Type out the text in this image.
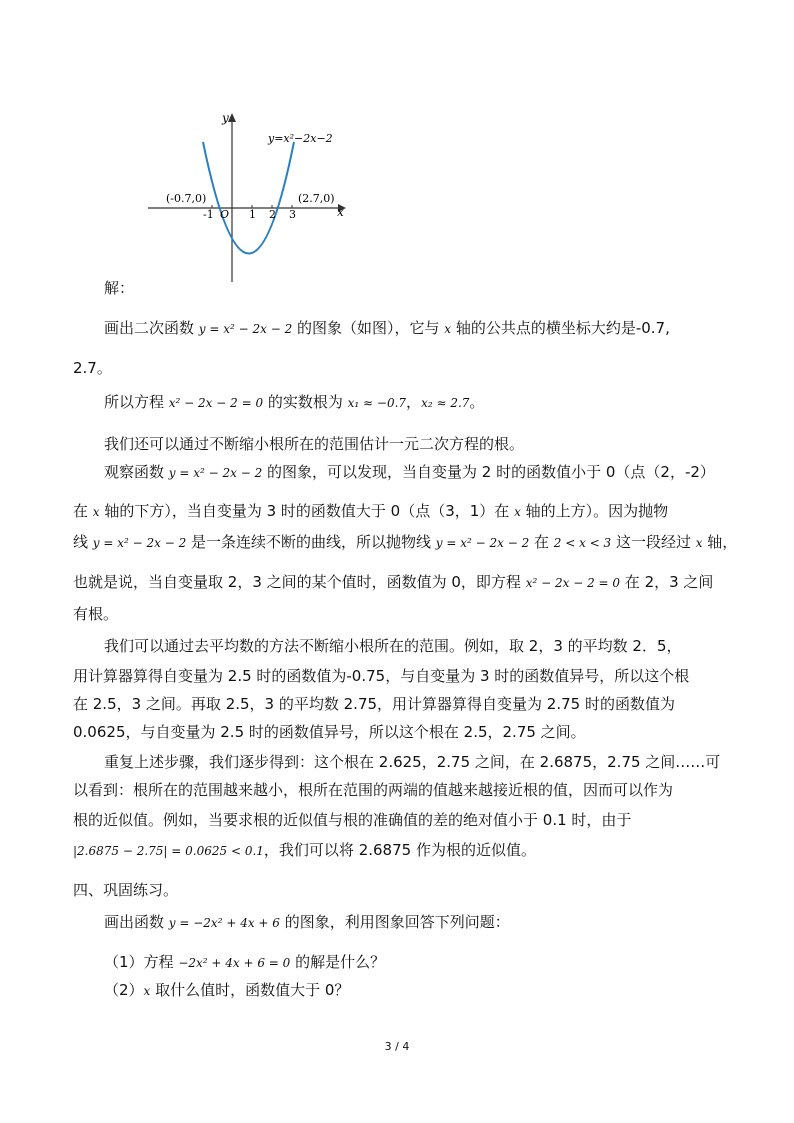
y
x
O
y=x²−2x−2
(-0.7,0)	(2.7,0)
-1	1 2 3
解：
画出二次函数 y = x² − 2x − 2 的图象（如图），它与 x 轴的公共点的横坐标大约是-0.7,
2.7。
所以方程 x² − 2x − 2 = 0 的实数根为 x₁ ≈ −0.7，x₂ ≈ 2.7。
我们还可以通过不断缩小根所在的范围估计一元二次方程的根。
观察函数 y = x² − 2x − 2 的图象，可以发现，当自变量为 2 时的函数值小于 0（点（2，-2）
在 x 轴的下方），当自变量为 3 时的函数值大于 0（点（3，1）在 x 轴的上方）。因为抛物
线 y = x² − 2x − 2 是一条连续不断的曲线，所以抛物线 y = x² − 2x − 2 在 2 < x < 3 这一段经过 x 轴，
也就是说，当自变量取 2，3 之间的某个值时，函数值为 0，即方程 x² − 2x − 2 = 0 在 2，3 之间
有根。
我们可以通过去平均数的方法不断缩小根所在的范围。例如，取 2，3 的平均数 2．5，
用计算器算得自变量为 2.5 时的函数值为-0.75，与自变量为 3 时的函数值异号，所以这个根
在 2.5，3 之间。再取 2.5，3 的平均数 2.75，用计算器算得自变量为 2.75 时的函数值为
0.0625，与自变量为 2.5 时的函数值异号，所以这个根在 2.5，2.75 之间。
重复上述步骤，我们逐步得到：这个根在 2.625，2.75 之间，在 2.6875，2.75 之间……可
以看到：根所在的范围越来越小，根所在范围的两端的值越来越接近根的值，因而可以作为
根的近似值。例如，当要求根的近似值与根的准确值的差的绝对值小于 0.1 时，由于
|2.6875 − 2.75| = 0.0625 < 0.1，我们可以将 2.6875 作为根的近似值。
四、巩固练习。
画出函数 y = −2x² + 4x + 6 的图象，利用图象回答下列问题：
（1）方程 −2x² + 4x + 6 = 0 的解是什么？
（2）x 取什么值时，函数值大于 0？
3 / 4
